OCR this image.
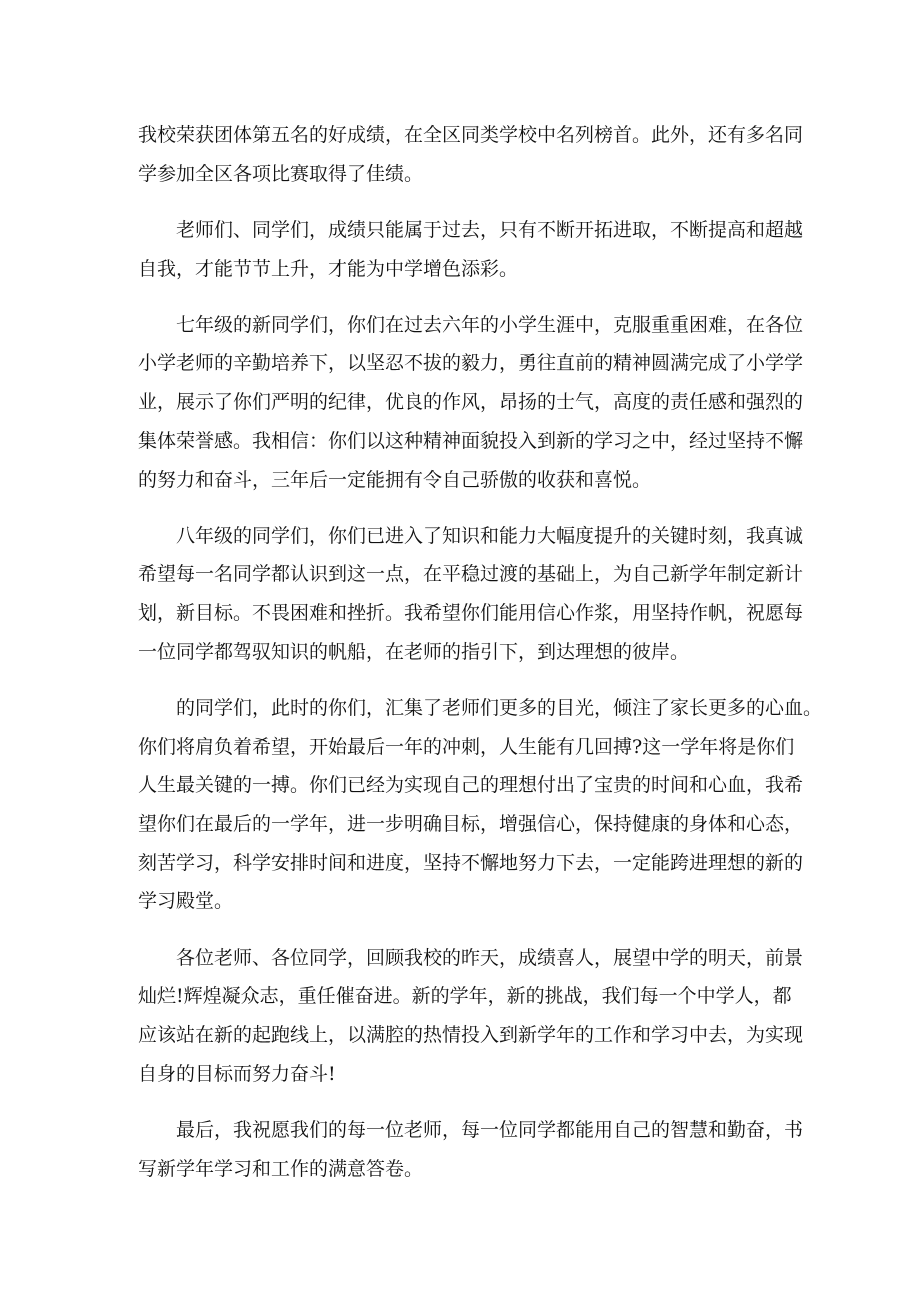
我校荣获团体第五名的好成绩，在全区同类学校中名列榜首。此外，还有多名同
学参加全区各项比赛取得了佳绩。
老师们、同学们，成绩只能属于过去，只有不断开拓进取，不断提高和超越
自我，才能节节上升，才能为中学增色添彩。
七年级的新同学们，你们在过去六年的小学生涯中，克服重重困难，在各位
小学老师的辛勤培养下，以坚忍不拔的毅力，勇往直前的精神圆满完成了小学学
业，展示了你们严明的纪律，优良的作风，昂扬的士气，高度的责任感和强烈的
集体荣誉感。我相信：你们以这种精神面貌投入到新的学习之中，经过坚持不懈
的努力和奋斗，三年后一定能拥有令自己骄傲的收获和喜悦。
八年级的同学们，你们已进入了知识和能力大幅度提升的关键时刻，我真诚
希望每一名同学都认识到这一点，在平稳过渡的基础上，为自己新学年制定新计
划，新目标。不畏困难和挫折。我希望你们能用信心作浆，用坚持作帆，祝愿每
一位同学都驾驭知识的帆船，在老师的指引下，到达理想的彼岸。
的同学们，此时的你们，汇集了老师们更多的目光，倾注了家长更多的心血。
你们将肩负着希望，开始最后一年的冲刺，人生能有几回搏?这一学年将是你们
人生最关键的一搏。你们已经为实现自己的理想付出了宝贵的时间和心血，我希
望你们在最后的一学年，进一步明确目标，增强信心，保持健康的身体和心态，
刻苦学习，科学安排时间和进度，坚持不懈地努力下去，一定能跨进理想的新的
学习殿堂。
各位老师、各位同学，回顾我校的昨天，成绩喜人，展望中学的明天，前景
灿烂!辉煌凝众志，重任催奋进。新的学年，新的挑战，我们每一个中学人，都
应该站在新的起跑线上，以满腔的热情投入到新学年的工作和学习中去，为实现
自身的目标而努力奋斗!
最后，我祝愿我们的每一位老师，每一位同学都能用自己的智慧和勤奋，书
写新学年学习和工作的满意答卷。
